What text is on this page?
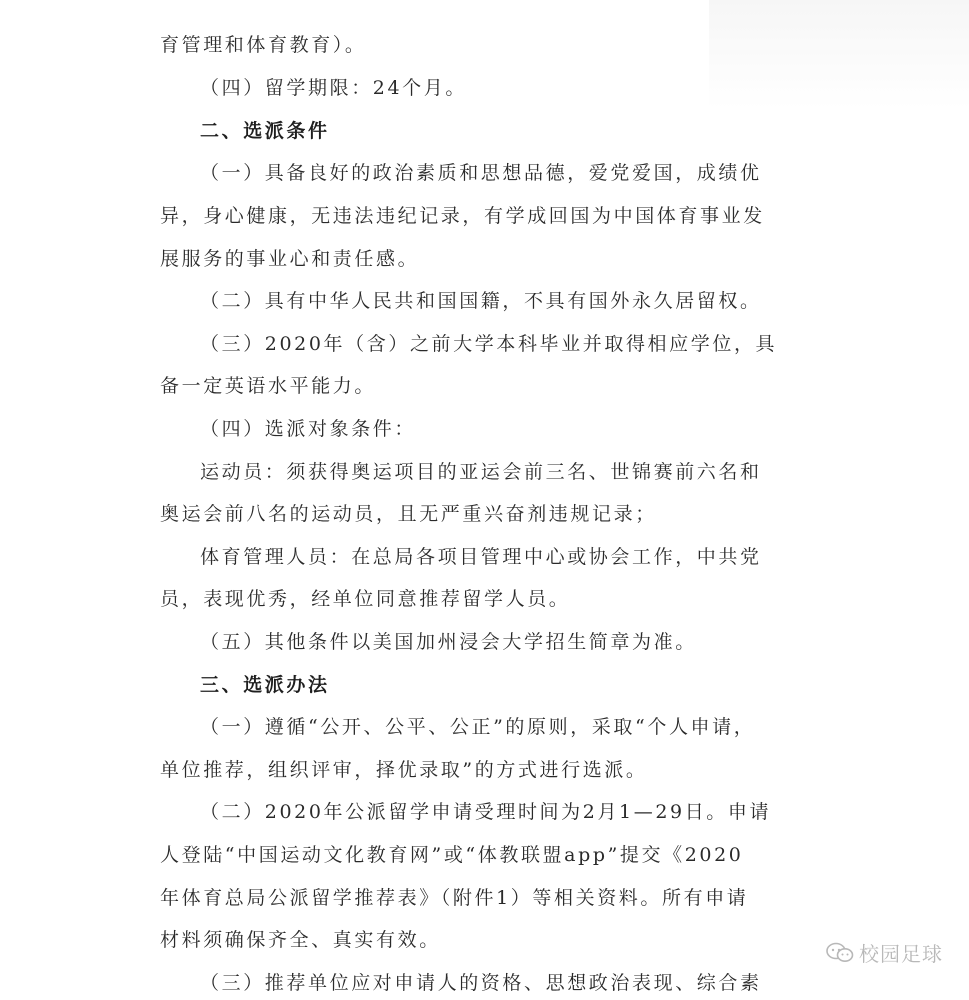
育管理和体育教育）。
（四）留学期限：24个月。
二、选派条件
（一）具备良好的政治素质和思想品德，爱党爱国，成绩优
异，身心健康，无违法违纪记录，有学成回国为中国体育事业发
展服务的事业心和责任感。
（二）具有中华人民共和国国籍，不具有国外永久居留权。
（三）2020年（含）之前大学本科毕业并取得相应学位，具
备一定英语水平能力。
（四）选派对象条件：
运动员：须获得奥运项目的亚运会前三名、世锦赛前六名和
奥运会前八名的运动员，且无严重兴奋剂违规记录；
体育管理人员：在总局各项目管理中心或协会工作，中共党
员，表现优秀，经单位同意推荐留学人员。
（五）其他条件以美国加州浸会大学招生简章为准。
三、选派办法
（一）遵循“公开、公平、公正”的原则，采取“个人申请，
单位推荐，组织评审，择优录取”的方式进行选派。
（二）2020年公派留学申请受理时间为2月1—29日。申请
人登陆“中国运动文化教育网”或“体教联盟app”提交《2020
年体育总局公派留学推荐表》（附件1）等相关资料。所有申请
材料须确保齐全、真实有效。
（三）推荐单位应对申请人的资格、思想政治表现、综合素
校园足球
